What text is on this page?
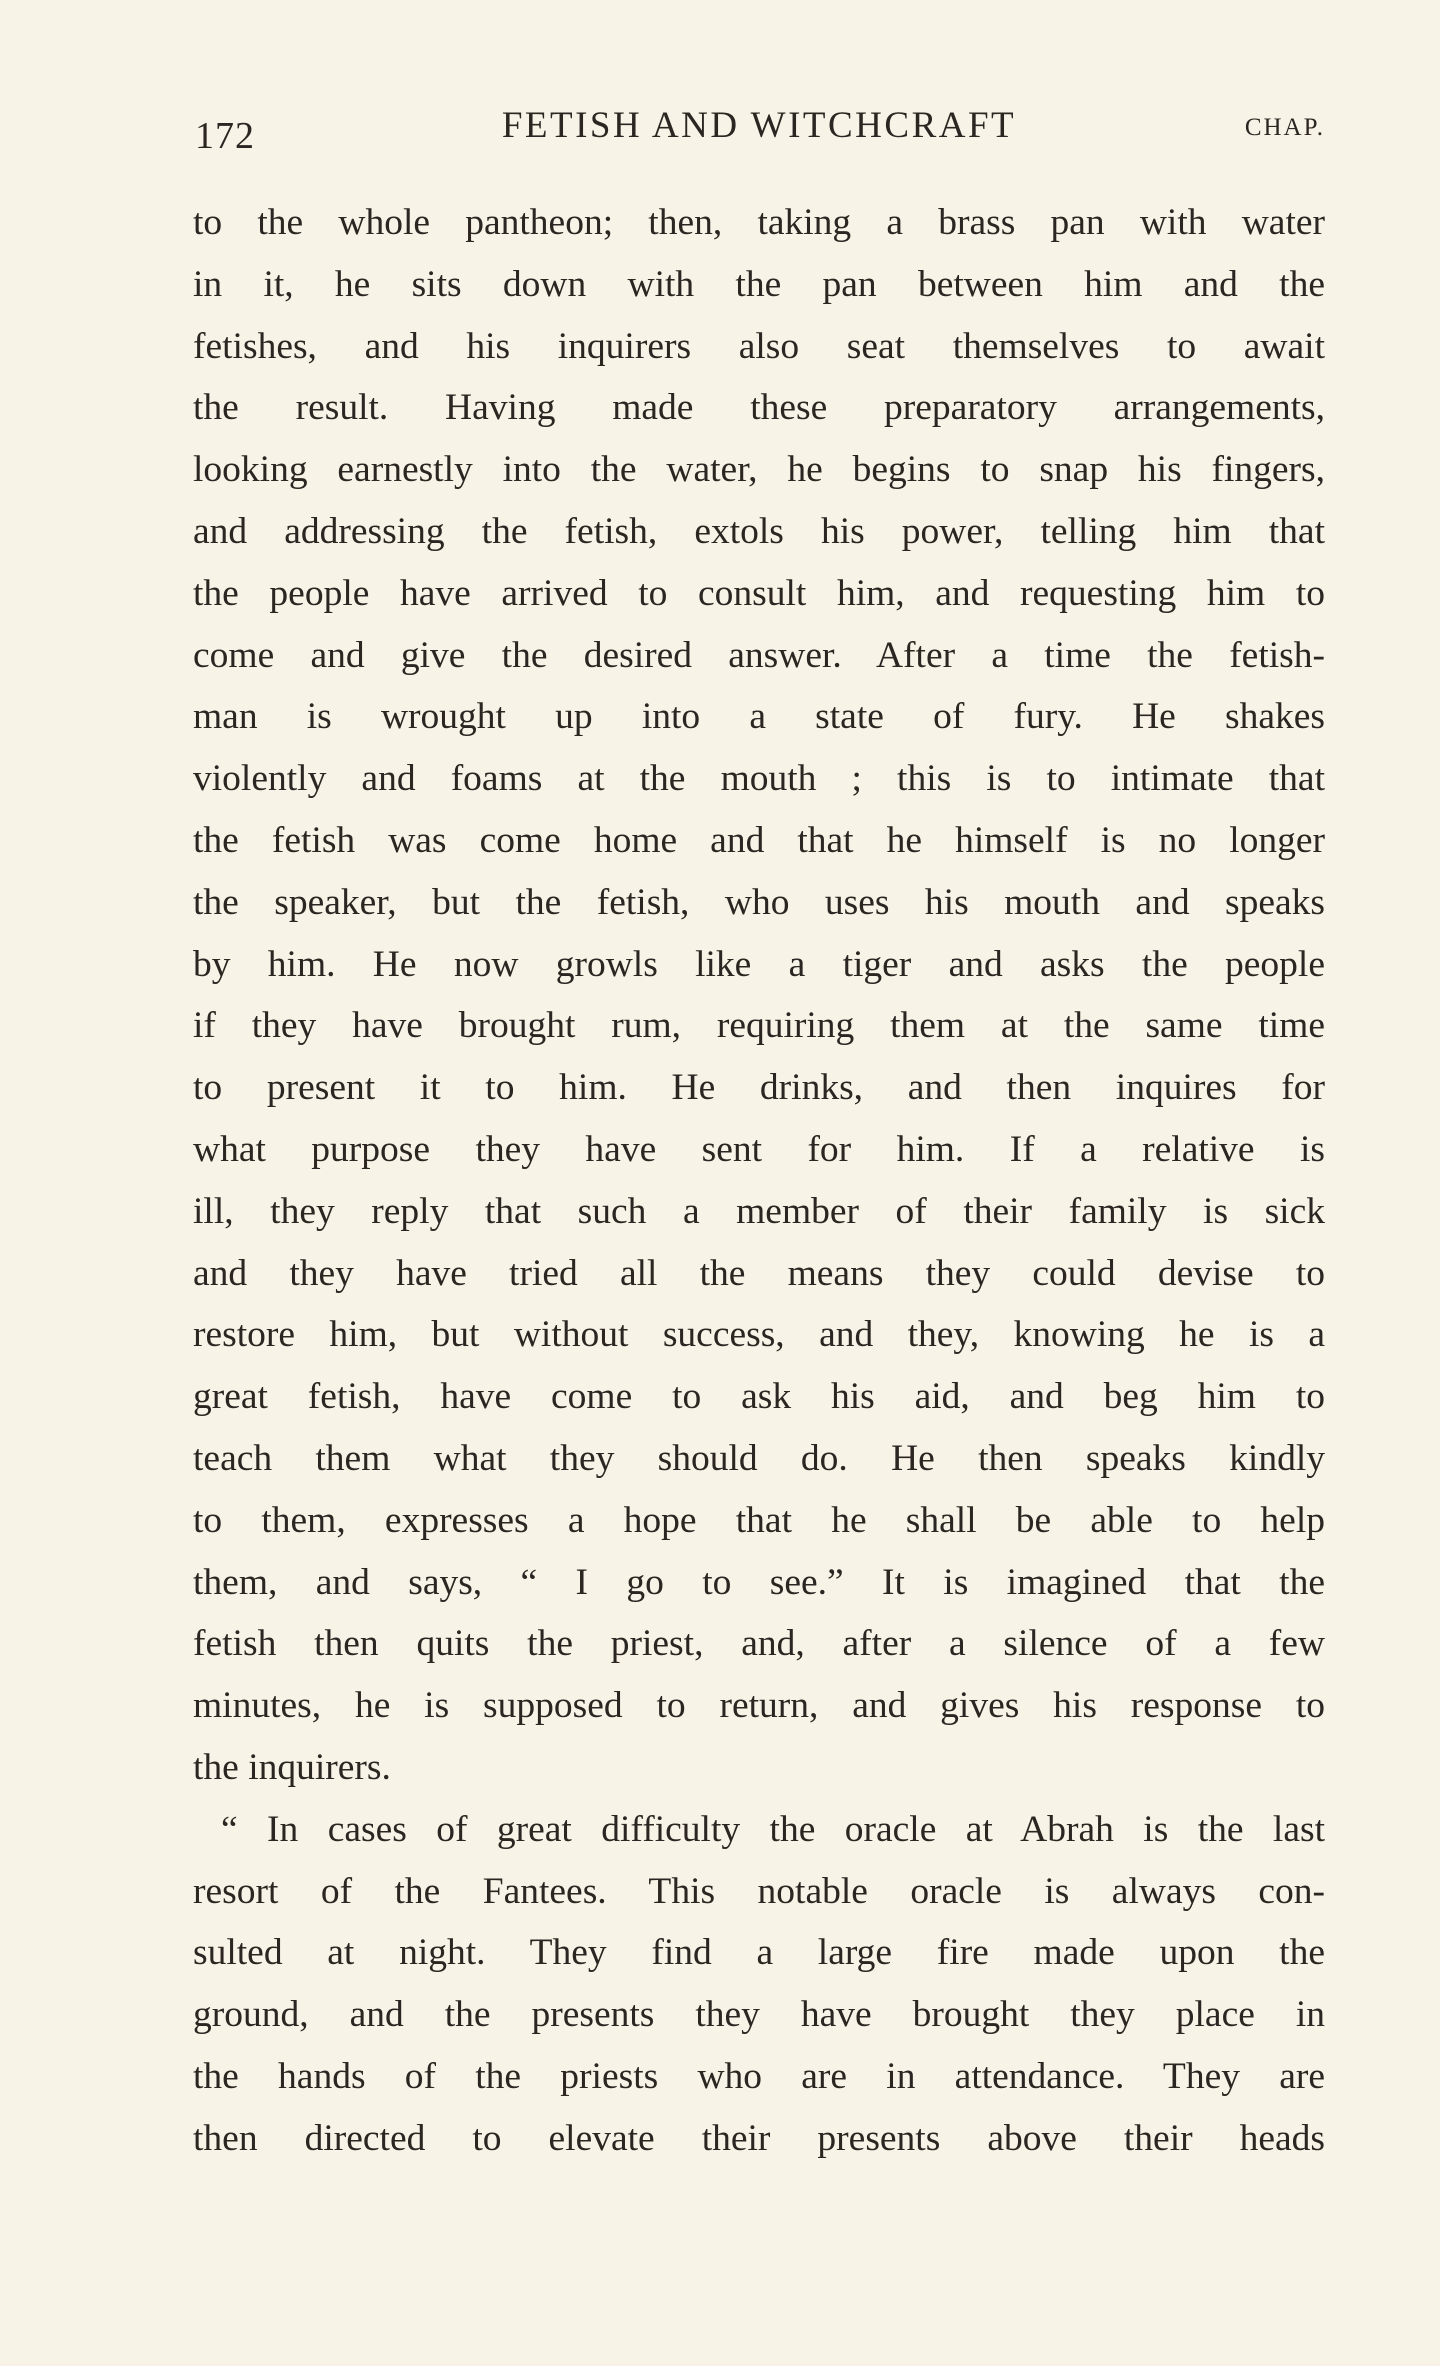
172	FETISH AND WITCHCRAFT	CHAP.
to the whole pantheon; then, taking a brass pan with water
in it, he sits down with the pan between him and the
fetishes, and his inquirers also seat themselves to await
the result. Having made these preparatory arrangements,
looking earnestly into the water, he begins to snap his fingers,
and addressing the fetish, extols his power, telling him that
the people have arrived to consult him, and requesting him to
come and give the desired answer. After a time the fetish-
man is wrought up into a state of fury. He shakes
violently and foams at the mouth ; this is to intimate that
the fetish was come home and that he himself is no longer
the speaker, but the fetish, who uses his mouth and speaks
by him. He now growls like a tiger and asks the people
if they have brought rum, requiring them at the same time
to present it to him. He drinks, and then inquires for
what purpose they have sent for him. If a relative is
ill, they reply that such a member of their family is sick
and they have tried all the means they could devise to
restore him, but without success, and they, knowing he is a
great fetish, have come to ask his aid, and beg him to
teach them what they should do. He then speaks kindly
to them, expresses a hope that he shall be able to help
them, and says, “ I go to see.” It is imagined that the
fetish then quits the priest, and, after a silence of a few
minutes, he is supposed to return, and gives his response to
the inquirers.
“ In cases of great difficulty the oracle at Abrah is the last
resort of the Fantees. This notable oracle is always con-
sulted at night. They find a large fire made upon the
ground, and the presents they have brought they place in
the hands of the priests who are in attendance. They are
then directed to elevate their presents above their heads
